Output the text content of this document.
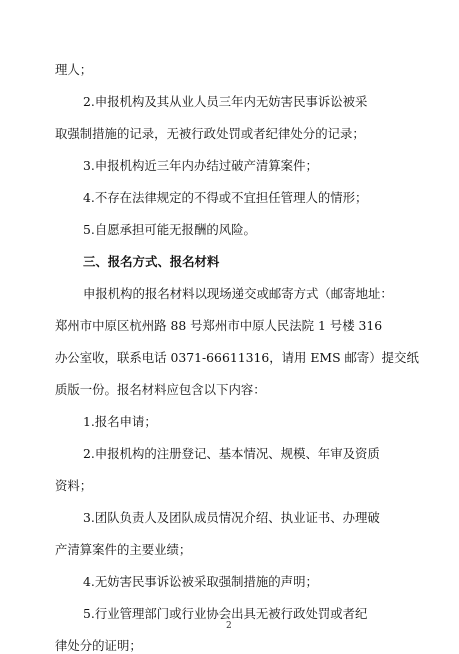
理人；
2.申报机构及其从业人员三年内无妨害民事诉讼被采
取强制措施的记录，无被行政处罚或者纪律处分的记录；
3.申报机构近三年内办结过破产清算案件；
4.不存在法律规定的不得或不宜担任管理人的情形；
5.自愿承担可能无报酬的风险。
三、报名方式、报名材料
申报机构的报名材料以现场递交或邮寄方式（邮寄地址：
郑州市中原区杭州路 88 号郑州市中原人民法院 1 号楼 316
办公室收，联系电话 0371-66611316，请用 EMS 邮寄）提交纸
质版一份。报名材料应包含以下内容：
1.报名申请；
2.申报机构的注册登记、基本情况、规模、年审及资质
资料；
3.团队负责人及团队成员情况介绍、执业证书、办理破
产清算案件的主要业绩；
4.无妨害民事诉讼被采取强制措施的声明；
5.行业管理部门或行业协会出具无被行政处罚或者纪
律处分的证明；
2
